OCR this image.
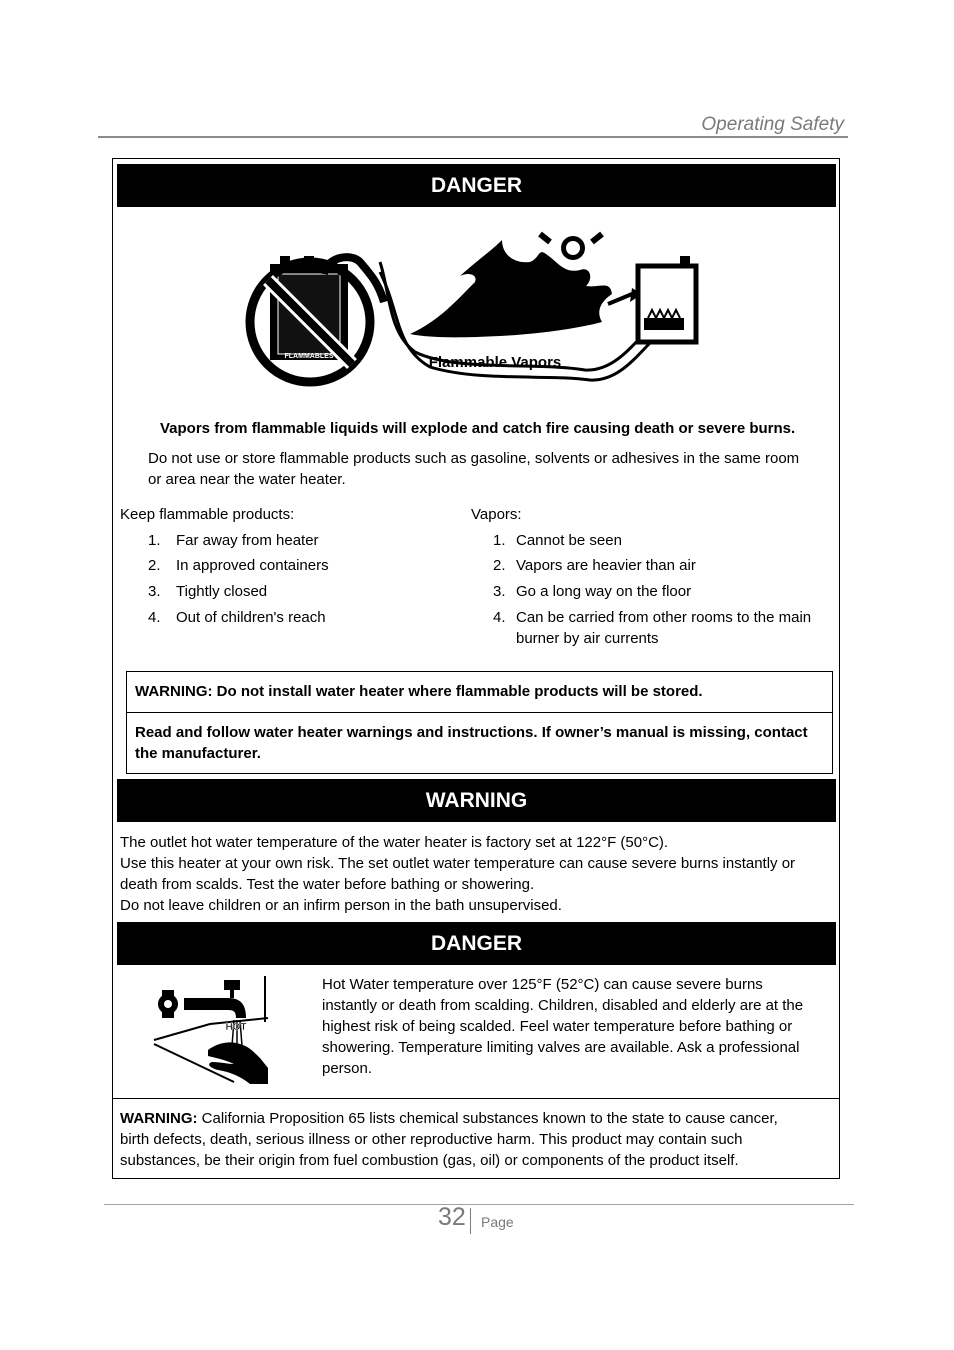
Operating Safety
DANGER
FLAMMABLES	Flammable Vapors
Vapors from flammable liquids will explode and catch fire causing death or severe burns.
Do not use or store flammable products such as gasoline, solvents or adhesives in the same room
or area near the water heater.
Keep flammable products:
1. Far away from heater
2. In approved containers
3. Tightly closed
4. Out of children's reach
Vapors:
1. Cannot be seen
2. Vapors are heavier than air
3. Go a long way on the floor
4. Can be carried from other rooms to the main
burner by air currents
WARNING: Do not install water heater where flammable products will be stored.
Read and follow water heater warnings and instructions. If owner’s manual is missing, contact
the manufacturer.
WARNING
The outlet hot water temperature of the water heater is factory set at 122°F (50°C).
Use this heater at your own risk. The set outlet water temperature can cause severe burns instantly or
death from scalds. Test the water before bathing or showering.
Do not leave children or an infirm person in the bath unsupervised.
DANGER
HOT
Hot Water temperature over 125°F (52°C) can cause severe burns
instantly or death from scalding. Children, disabled and elderly are at the
highest risk of being scalded. Feel water temperature before bathing or
showering. Temperature limiting valves are available. Ask a professional
person.
WARNING: California Proposition 65 lists chemical substances known to the state to cause cancer,
birth defects, death, serious illness or other reproductive harm. This product may contain such
substances, be their origin from fuel combustion (gas, oil) or components of the product itself.
32 Page
